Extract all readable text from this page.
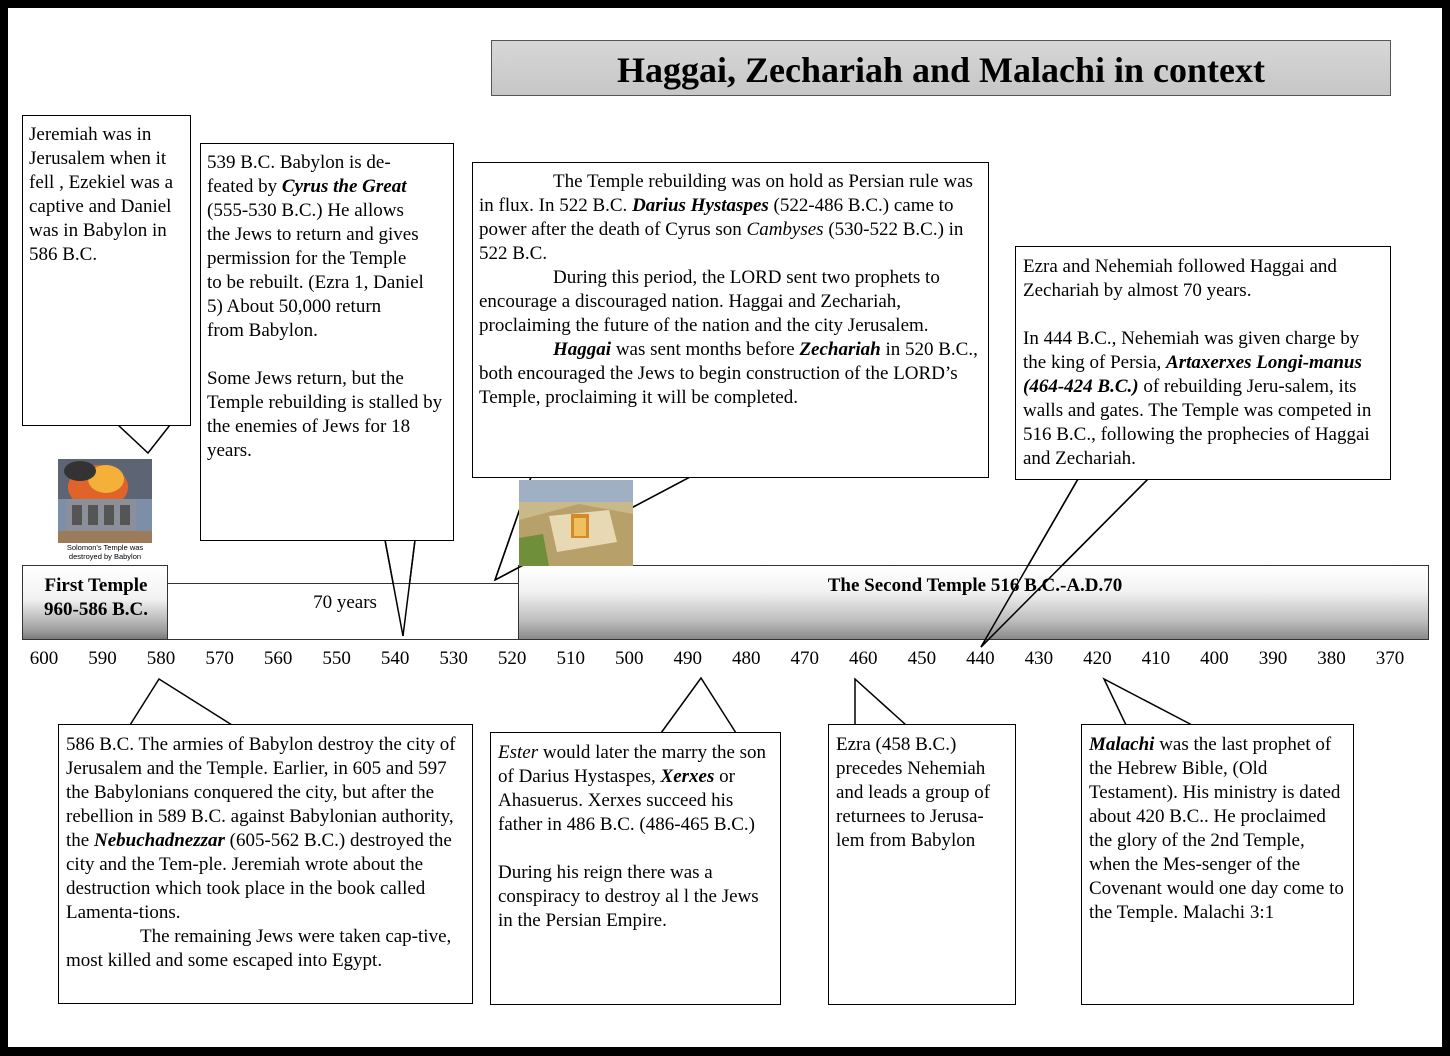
Haggai, Zechariah and Malachi in context
First Temple
960-586 B.C.	70 years
The Second Temple 516 B.C.-A.D.70
600	590	580	570	560	550	540	530	520	510	500	490	480	470	460	450	440	430	420	410	400	390	380	370
Solomon's Temple was destroyed by Babylon

Jeremiah was in Jerusalem when it fell , Ezekiel was a captive and Daniel was in Babylon in 586 B.C.

539 B.C. Babylon is de-
feated by Cyrus the Great
(555-530 B.C.) He allows
the Jews to return and gives
permission for the Temple
to be rebuilt. (Ezra 1, Daniel
5) About 50,000 return
from Babylon.

Some Jews return, but the Temple rebuilding is stalled by the enemies of Jews for 18 years.

The Temple rebuilding was on hold as Persian rule was in flux. In 522 B.C. Darius Hystaspes (522-486 B.C.) came to power after the death of Cyrus son Cambyses (530-522 B.C.) in 522 B.C.

During this period, the LORD sent two prophets to encourage a discouraged nation. Haggai and Zechariah, proclaiming the future of the nation and the city Jerusalem.

Haggai was sent months before Zechariah in 520 B.C., both encouraged the Jews to begin construction of the LORD’s Temple, proclaiming it will be completed.

Ezra and Nehemiah followed Haggai and Zechariah by almost 70 years.

In 444 B.C., Nehemiah was given charge by the king of Persia, Artaxerxes Longi-manus (464-424 B.C.) of rebuilding Jeru-salem, its walls and gates. The Temple was competed in 516 B.C., following the prophecies of Haggai and Zechariah.

586 B.C. The armies of Babylon destroy the city of Jerusalem and the Temple. Earlier, in 605 and 597 the Babylonians conquered the city, but after the rebellion in 589 B.C. against Babylonian authority, the Nebuchadnezzar (605-562 B.C.) destroyed the city and the Tem-ple. Jeremiah wrote about the destruction which took place in the book called Lamenta-tions.

The remaining Jews were taken cap-tive, most killed and some escaped into Egypt.

Ester would later the marry the son of Darius Hystaspes, Xerxes or Ahasuerus. Xerxes succeed his father in 486 B.C. (486-465 B.C.)

During his reign there was a conspiracy to destroy al l the Jews in the Persian Empire.

Ezra (458 B.C.) precedes Nehemiah and leads a group of returnees to Jerusa-lem from Babylon

Malachi was the last prophet of the Hebrew Bible, (Old Testament). His ministry is dated about 420 B.C.. He proclaimed the glory of the 2nd Temple, when the Mes-senger of the Covenant would one day come to the Temple. Malachi 3:1
